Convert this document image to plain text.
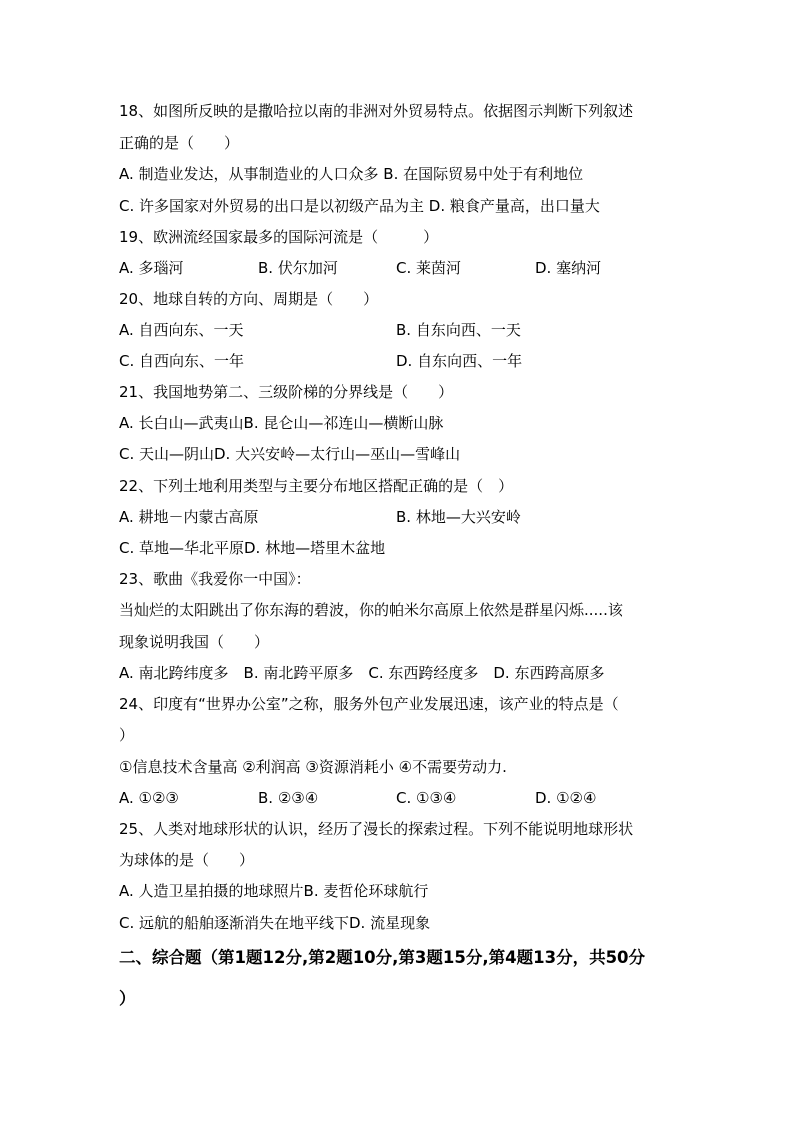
18、如图所反映的是撒哈拉以南的非洲对外贸易特点。依据图示判断下列叙述
正确的是（　　）
A. 制造业发达，从事制造业的人口众多 B. 在国际贸易中处于有利地位
C. 许多国家对外贸易的出口是以初级产品为主 D. 粮食产量高，出口量大
19、欧洲流经国家最多的国际河流是（　　　）
A. 多瑙河	B. 伏尔加河	C. 莱茵河	D. 塞纳河
20、地球自转的方向、周期是（　　）
A. 自西向东、一天	B. 自东向西、一天
C. 自西向东、一年	D. 自东向西、一年
21、我国地势第二、三级阶梯的分界线是（　　）
A. 长白山—武夷山B. 昆仑山—祁连山—横断山脉
C. 天山—阴山D. 大兴安岭—太行山—巫山—雪峰山
22、下列土地利用类型与主要分布地区搭配正确的是（　）
A. 耕地－内蒙古高原	B. 林地—大兴安岭
C. 草地—华北平原D. 林地—塔里木盆地
23、歌曲《我爱你一中国》：
当灿烂的太阳跳出了你东海的碧波，你的帕米尔高原上依然是群星闪烁.....该
现象说明我国（　　）
A. 南北跨纬度多　B. 南北跨平原多　C. 东西跨经度多　D. 东西跨高原多
24、印度有“世界办公室”之称，服务外包产业发展迅速，该产业的特点是（
）
①信息技术含量高 ②利润高 ③资源消耗小 ④不需要劳动力.
A. ①②③	B. ②③④	C. ①③④	D. ①②④
25、人类对地球形状的认识，经历了漫长的探索过程。下列不能说明地球形状
为球体的是（　　）
A. 人造卫星拍摄的地球照片B. 麦哲伦环球航行
C. 远航的船舶逐渐消失在地平线下D. 流星现象
二、综合题（第1题12分,第2题10分,第3题15分,第4题13分，共50分
）
